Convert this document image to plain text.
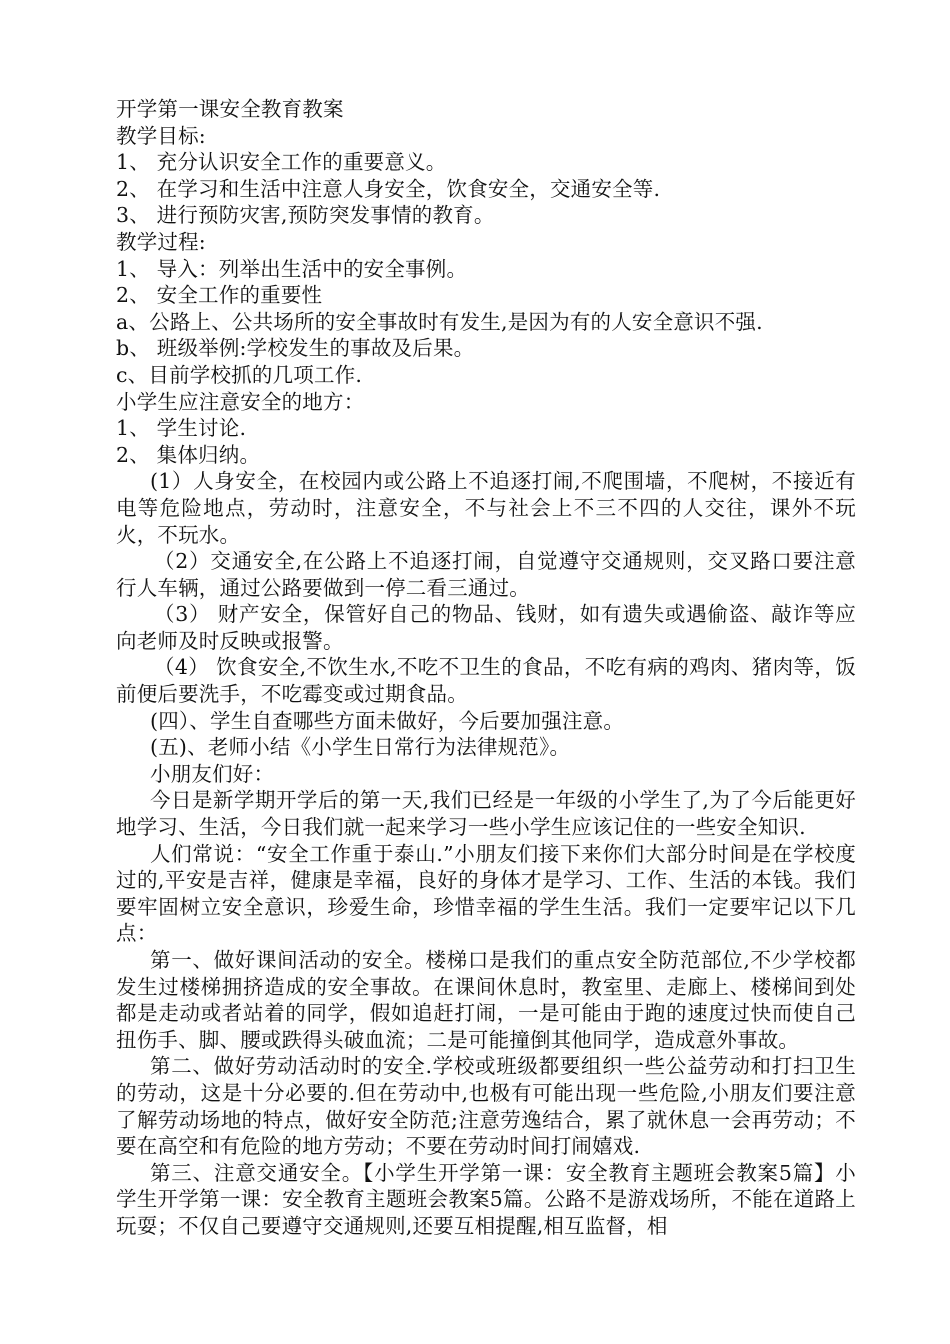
开学第一课安全教育教案
教学目标:
1、 充分认识安全工作的重要意义。
2、 在学习和生活中注意人身安全，饮食安全，交通安全等.
3、 进行预防灾害,预防突发事情的教育。
教学过程:
1、 导入：列举出生活中的安全事例。
2、 安全工作的重要性
a、公路上、公共场所的安全事故时有发生,是因为有的人安全意识不强.
b、 班级举例:学校发生的事故及后果。
c、目前学校抓的几项工作.
小学生应注意安全的地方：
1、 学生讨论.
2、 集体归纳。
(1）人身安全，在校园内或公路上不追逐打闹,不爬围墙，不爬树，不接近有电等危险地点，劳动时，注意安全，不与社会上不三不四的人交往，课外不玩火，不玩水。
（2）交通安全,在公路上不追逐打闹，自觉遵守交通规则，交叉路口要注意行人车辆，通过公路要做到一停二看三通过。
（3） 财产安全，保管好自己的物品、钱财，如有遗失或遇偷盗、敲诈等应向老师及时反映或报警。
（4） 饮食安全,不饮生水,不吃不卫生的食品，不吃有病的鸡肉、猪肉等，饭前便后要洗手，不吃霉变或过期食品。
(四）、学生自查哪些方面未做好，今后要加强注意。
(五)、老师小结《小学生日常行为法律规范》。
小朋友们好：
今日是新学期开学后的第一天,我们已经是一年级的小学生了,为了今后能更好地学习、生活，今日我们就一起来学习一些小学生应该记住的一些安全知识.
人们常说：“安全工作重于泰山.”小朋友们接下来你们大部分时间是在学校度过的,平安是吉祥，健康是幸福，良好的身体才是学习、工作、生活的本钱。我们要牢固树立安全意识，珍爱生命，珍惜幸福的学生生活。我们一定要牢记以下几点：
第一、做好课间活动的安全。楼梯口是我们的重点安全防范部位,不少学校都发生过楼梯拥挤造成的安全事故。在课间休息时，教室里、走廊上、楼梯间到处都是走动或者站着的同学，假如追赶打闹，一是可能由于跑的速度过快而使自己扭伤手、脚、腰或跌得头破血流；二是可能撞倒其他同学，造成意外事故。
第二、做好劳动活动时的安全.学校或班级都要组织一些公益劳动和打扫卫生的劳动，这是十分必要的.但在劳动中,也极有可能出现一些危险,小朋友们要注意了解劳动场地的特点，做好安全防范;注意劳逸结合，累了就休息一会再劳动；不要在高空和有危险的地方劳动；不要在劳动时间打闹嬉戏.
第三、注意交通安全。【小学生开学第一课：安全教育主题班会教案5篇】小学生开学第一课：安全教育主题班会教案5篇。公路不是游戏场所，不能在道路上玩耍；不仅自己要遵守交通规则,还要互相提醒,相互监督，相
